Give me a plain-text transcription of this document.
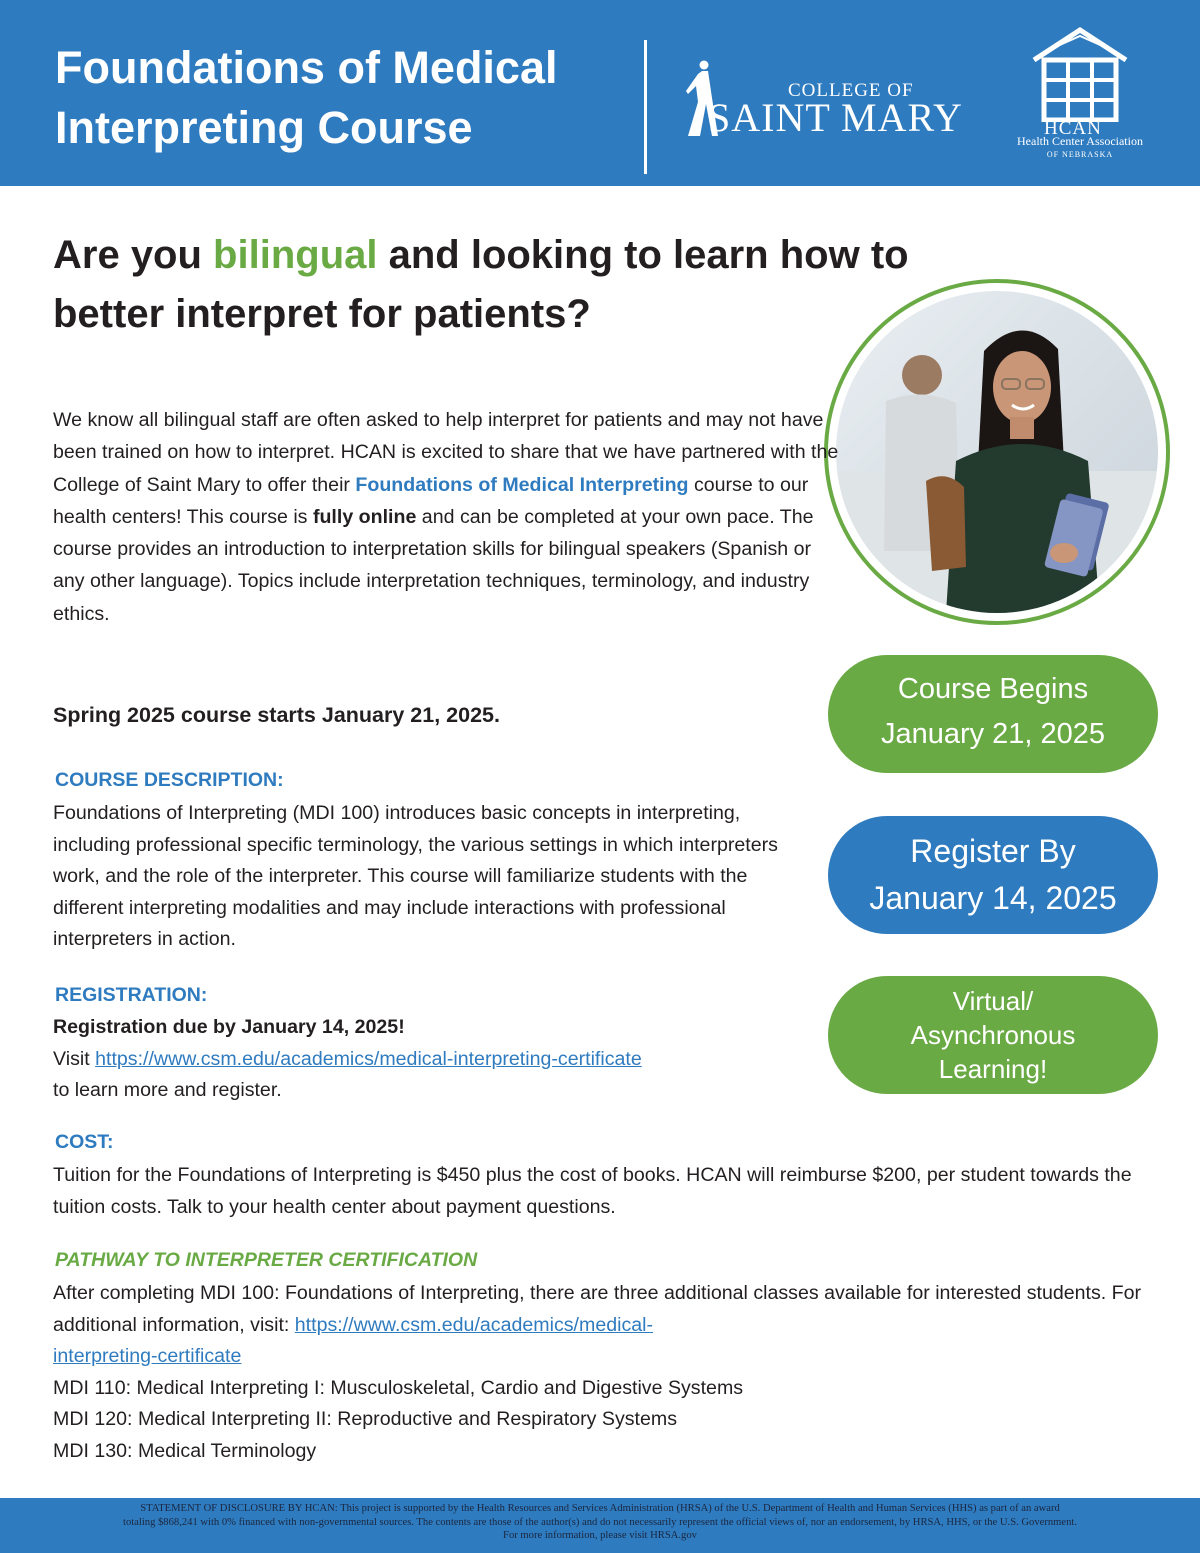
Foundations of Medical
Interpreting Course
COLLEGE OF
SAINT MARY	HCAN
Health Center Association
OF NEBRASKA
Are you bilingual and looking to learn how to better interpret for patients?

We know all bilingual staff are often asked to help interpret for patients and may not have been trained on how to interpret. HCAN is excited to share that we have partnered with the College of Saint Mary to offer their Foundations of Medical Interpreting course to our health centers! This course is fully online and can be completed at your own pace. The course provides an introduction to interpretation skills for bilingual speakers (Spanish or any other language). Topics include interpretation techniques, terminology, and industry ethics.

Spring 2025 course starts January 21, 2025.

COURSE DESCRIPTION:

Foundations of Interpreting (MDI 100) introduces basic concepts in interpreting, including professional specific terminology, the various settings in which interpreters work, and the role of the interpreter. This course will familiarize students with the different interpreting modalities and may include interactions with professional interpreters in action.

REGISTRATION:

Registration due by January 14, 2025!
Visit https://www.csm.edu/academics/medical-interpreting-certificate
to learn more and register.

COST:

Tuition for the Foundations of Interpreting is $450 plus the cost of books. HCAN will reimburse $200, per student towards the tuition costs. Talk to your health center about payment questions.

PATHWAY TO INTERPRETER CERTIFICATION

After completing MDI 100: Foundations of Interpreting, there are three additional classes available for interested students. For additional information, visit: https://www.csm.edu/academics/medical-
interpreting-certificate
MDI 110: Medical Interpreting I: Musculoskeletal, Cardio and Digestive Systems
MDI 120: Medical Interpreting II: Reproductive and Respiratory Systems
MDI 130: Medical Terminology

Course Begins
January 21, 2025
Register By
January 14, 2025
Virtual/
Asynchronous
Learning!
STATEMENT OF DISCLOSURE BY HCAN: This project is supported by the Health Resources and Services Administration (HRSA) of the U.S. Department of Health and Human Services (HHS) as part of an award
totaling $868,241 with 0% financed with non-governmental sources. The contents are those of the author(s) and do not necessarily represent the official views of, nor an endorsement, by HRSA, HHS, or the U.S. Government.
For more information, please visit HRSA.gov
